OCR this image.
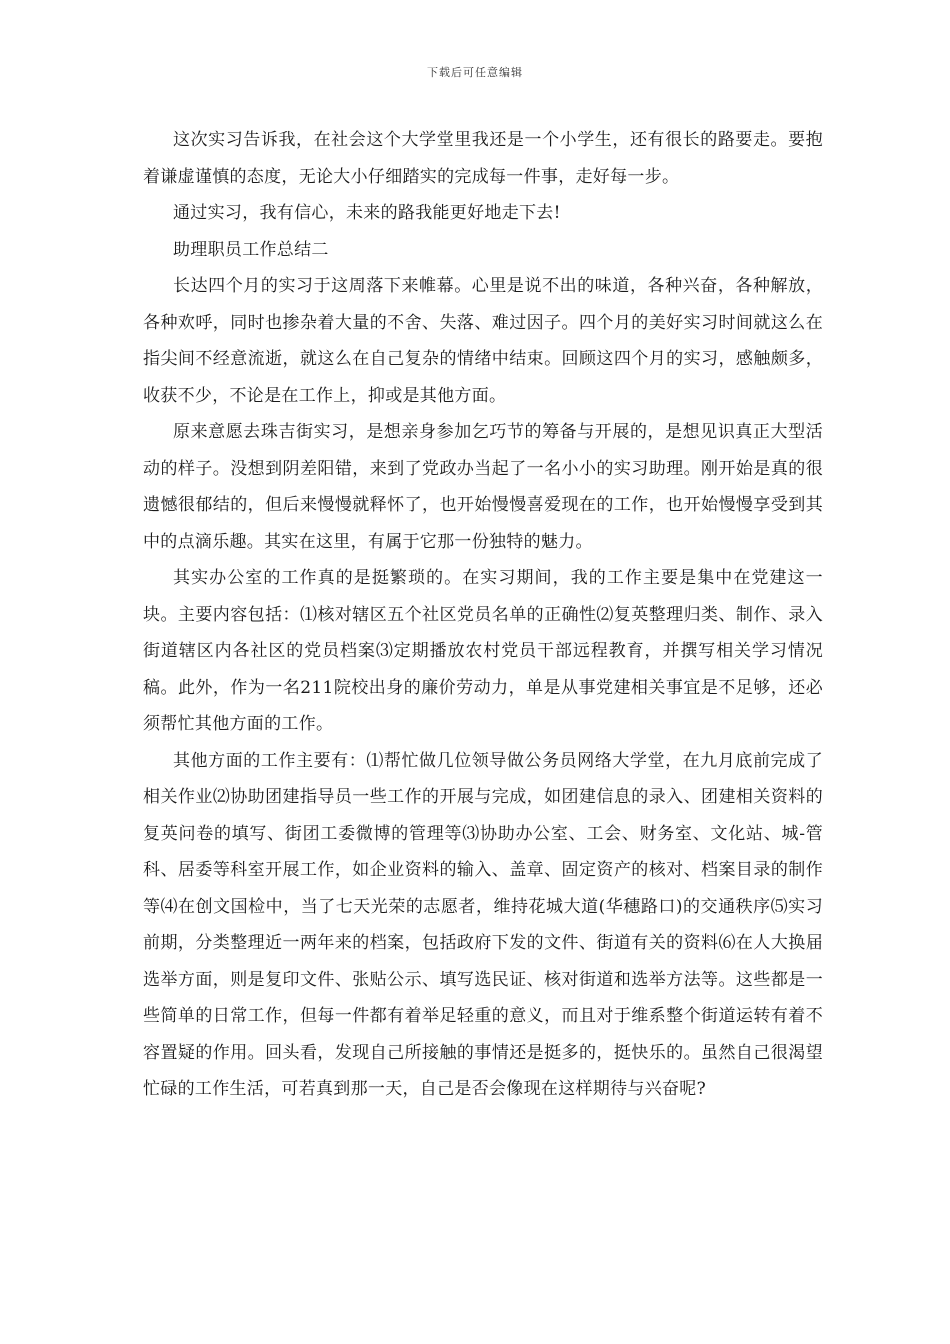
下载后可任意编辑

这次实习告诉我，在社会这个大学堂里我还是一个小学生，还有很长的路要走。要抱着谦虚谨慎的态度，无论大小仔细踏实的完成每一件事，走好每一步。

通过实习，我有信心，未来的路我能更好地走下去!

助理职员工作总结二

长达四个月的实习于这周落下来帷幕。心里是说不出的味道，各种兴奋，各种解放，各种欢呼，同时也掺杂着大量的不舍、失落、难过因子。四个月的美好实习时间就这么在指尖间不经意流逝，就这么在自己复杂的情绪中结束。回顾这四个月的实习，感触颇多，收获不少，不论是在工作上，抑或是其他方面。

原来意愿去珠吉街实习，是想亲身参加乞巧节的筹备与开展的，是想见识真正大型活动的样子。没想到阴差阳错，来到了党政办当起了一名小小的实习助理。刚开始是真的很遗憾很郁结的，但后来慢慢就释怀了，也开始慢慢喜爱现在的工作，也开始慢慢享受到其中的点滴乐趣。其实在这里，有属于它那一份独特的魅力。

其实办公室的工作真的是挺繁琐的。在实习期间，我的工作主要是集中在党建这一块。主要内容包括：⑴核对辖区五个社区党员名单的正确性⑵复英整理归类、制作、录入街道辖区内各社区的党员档案⑶定期播放农村党员干部远程教育，并撰写相关学习情况稿。此外，作为一名211院校出身的廉价劳动力，单是从事党建相关事宜是不足够，还必须帮忙其他方面的工作。

其他方面的工作主要有：⑴帮忙做几位领导做公务员网络大学堂，在九月底前完成了相关作业⑵协助团建指导员一些工作的开展与完成，如团建信息的录入、团建相关资料的复英问卷的填写、街团工委微博的管理等⑶协助办公室、工会、财务室、文化站、城-管科、居委等科室开展工作，如企业资料的输入、盖章、固定资产的核对、档案目录的制作等⑷在创文国检中，当了七天光荣的志愿者，维持花城大道(华穗路口)的交通秩序⑸实习前期，分类整理近一两年来的档案，包括政府下发的文件、街道有关的资料⑹在人大换届选举方面，则是复印文件、张贴公示、填写选民证、核对街道和选举方法等。这些都是一些简单的日常工作，但每一件都有着举足轻重的意义，而且对于维系整个街道运转有着不容置疑的作用。回头看，发现自己所接触的事情还是挺多的，挺快乐的。虽然自己很渴望忙碌的工作生活，可若真到那一天，自己是否会像现在这样期待与兴奋呢?
